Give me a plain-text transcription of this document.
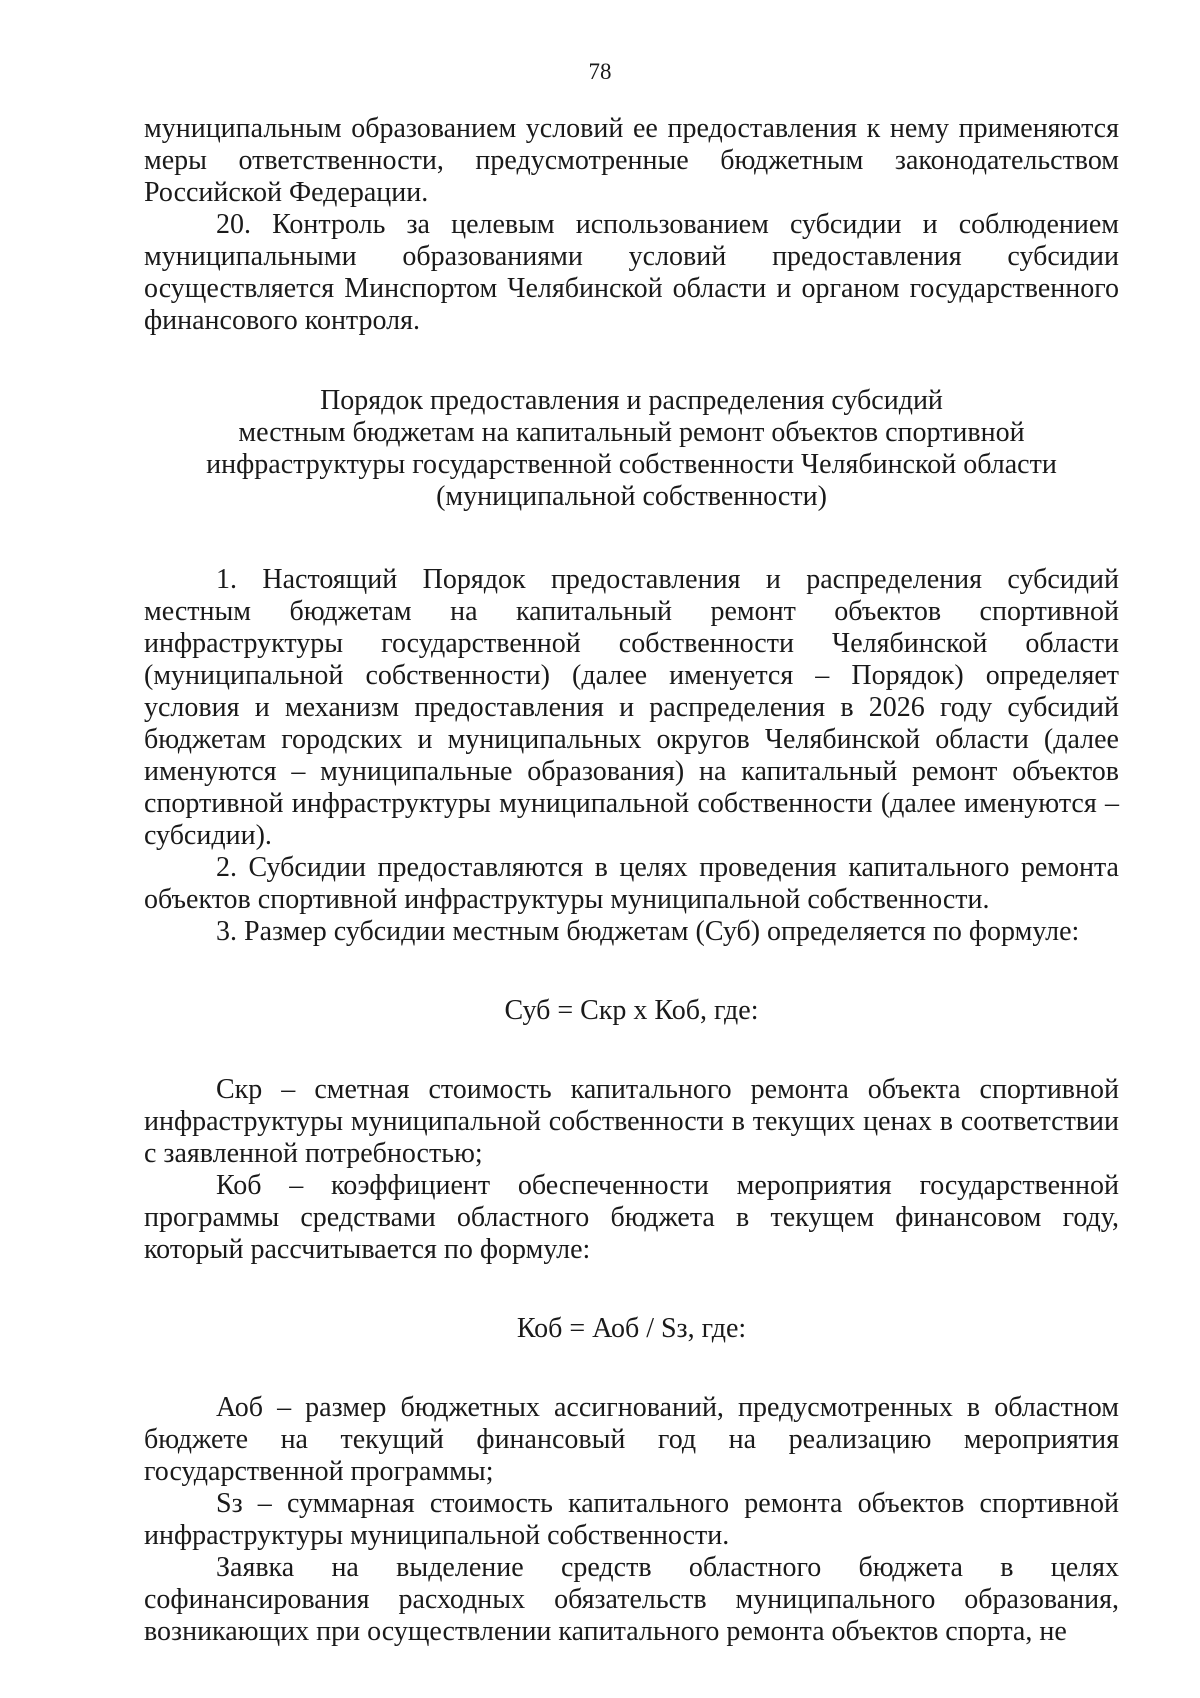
78

муниципальным образованием условий ее предоставления к нему применяются меры ответственности, предусмотренные бюджетным законодательством Российской Федерации.

20. Контроль за целевым использованием субсидии и соблюдением муниципальными образованиями условий предоставления субсидии осуществляется Минспортом Челябинской области и органом государственного финансового контроля.

Порядок предоставления и распределения субсидий
местным бюджетам на капитальный ремонт объектов спортивной
инфраструктуры государственной собственности Челябинской области
(муниципальной собственности)

1. Настоящий Порядок предоставления и распределения субсидий местным бюджетам на капитальный ремонт объектов спортивной инфраструктуры государственной собственности Челябинской области (муниципальной собственности) (далее именуется – Порядок) определяет условия и механизм предоставления и распределения в 2026 году субсидий бюджетам городских и муниципальных округов Челябинской области (далее именуются – муниципальные образования) на капитальный ремонт объектов спортивной инфраструктуры муниципальной собственности (далее именуются – субсидии).

2. Субсидии предоставляются в целях проведения капитального ремонта объектов спортивной инфраструктуры муниципальной собственности.

3. Размер субсидии местным бюджетам (Суб) определяется по формуле:

Суб = Скр х Коб, где:

Скр – сметная стоимость капитального ремонта объекта спортивной инфраструктуры муниципальной собственности в текущих ценах в соответствии с заявленной потребностью;

Коб – коэффициент обеспеченности мероприятия государственной программы средствами областного бюджета в текущем финансовом году, который рассчитывается по формуле:

Коб = Аоб / Sз, где:

Аоб – размер бюджетных ассигнований, предусмотренных в областном бюджете на текущий финансовый год на реализацию мероприятия государственной программы;

Sз – суммарная стоимость капитального ремонта объектов спортивной инфраструктуры муниципальной собственности.

Заявка на выделение средств областного бюджета в целях софинансирования расходных обязательств муниципального образования, возникающих при осуществлении капитального ремонта объектов спорта, не
